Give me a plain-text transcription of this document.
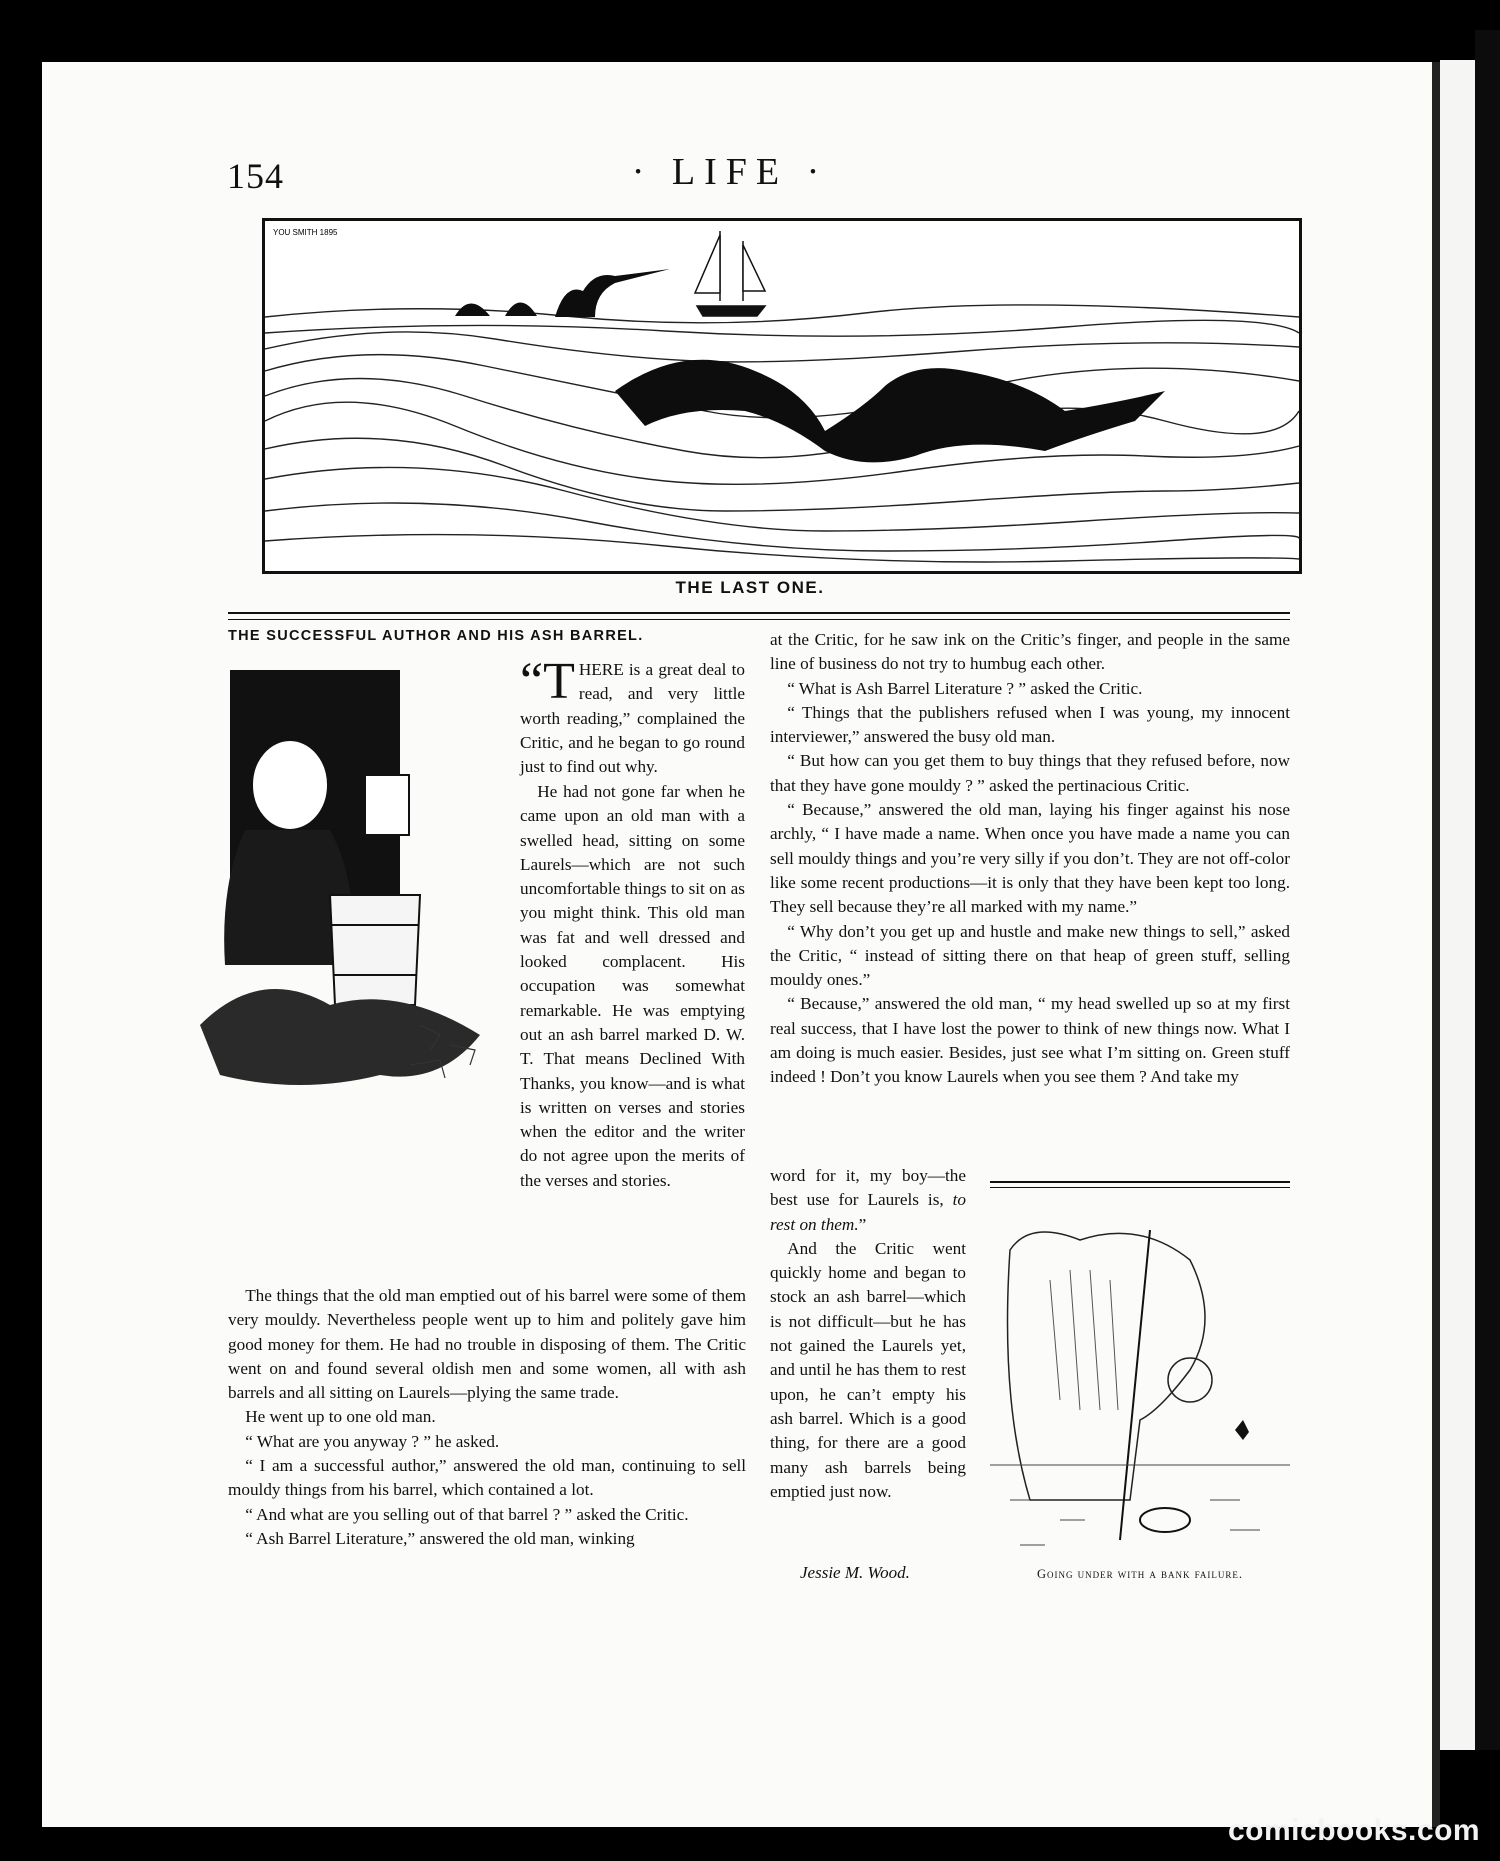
154	· LIFE ·
YOU SMITH 1895
THE LAST ONE.
THE SUCCESSFUL AUTHOR AND HIS ASH BARREL.

“THERE is a great deal to read, and very little worth reading,” complained the Critic, and he began to go round just to find out why.

He had not gone far when he came upon an old man with a swelled head, sitting on some Laurels—which are not such uncomfortable things to sit on as you might think. This old man was fat and well dressed and looked complacent. His occupation was somewhat remarkable. He was emptying out an ash barrel marked D. W. T. That means Declined With Thanks, you know—and is what is written on verses and stories when the editor and the writer do not agree upon the merits of the verses and stories.

The things that the old man emptied out of his barrel were some of them very mouldy. Nevertheless people went up to him and politely gave him good money for them. He had no trouble in disposing of them. The Critic went on and found several oldish men and some women, all with ash barrels and all sitting on Laurels—plying the same trade.

He went up to one old man.

“ What are you anyway ? ” he asked.

“ I am a successful author,” answered the old man, continuing to sell mouldy things from his barrel, which contained a lot.

“ And what are you selling out of that barrel ? ” asked the Critic.

“ Ash Barrel Literature,” answered the old man, winking

at the Critic, for he saw ink on the Critic’s finger, and people in the same line of business do not try to humbug each other.

“ What is Ash Barrel Literature ? ” asked the Critic.

“ Things that the publishers refused when I was young, my innocent interviewer,” answered the busy old man.

“ But how can you get them to buy things that they refused before, now that they have gone mouldy ? ” asked the pertinacious Critic.

“ Because,” answered the old man, laying his finger against his nose archly, “ I have made a name. When once you have made a name you can sell mouldy things and you’re very silly if you don’t. They are not off-color like some recent productions—it is only that they have been kept too long. They sell because they’re all marked with my name.”

“ Why don’t you get up and hustle and make new things to sell,” asked the Critic, “ instead of sitting there on that heap of green stuff, selling mouldy ones.”

“ Because,” answered the old man, “ my head swelled up so at my first real success, that I have lost the power to think of new things now. What I am doing is much easier. Besides, just see what I’m sitting on. Green stuff indeed ! Don’t you know Laurels when you see them ? And take my

word for it, my boy—the best use for Laurels is, to rest on them.”

And the Critic went quickly home and began to stock an ash barrel—which is not difficult—but he has not gained the Laurels yet, and until he has them to rest upon, he can’t empty his ash barrel. Which is a good thing, for there are a good many ash barrels being emptied just now.

Jessie M. Wood.	Going under with a bank failure.
comicbooks.com
